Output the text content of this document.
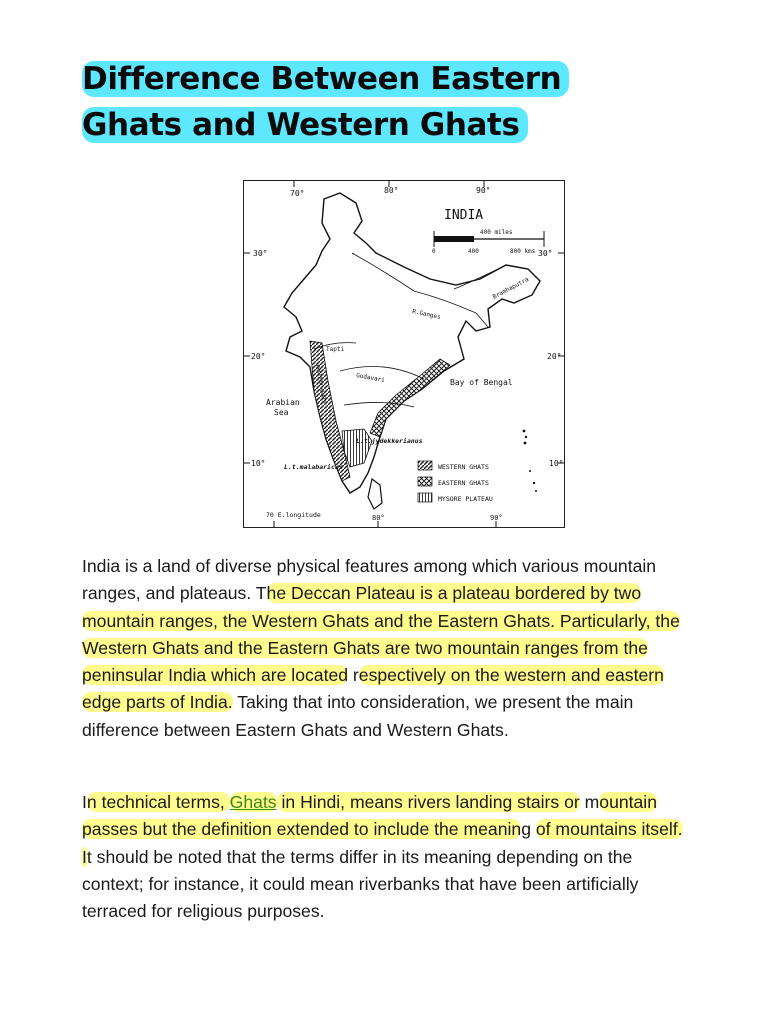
Difference Between Eastern
Ghats and Western Ghats
70°	80°	90°
30°
20°
10°
30°
20°
10°
INDIA
400 miles
0	400	800 kms
Bramhaputra
R.Ganges
Tapti
Godavari	Bay of Bengal
Arabian
Sea
L.t.jydekkerianus
L.t.malabaricus
WESTERN GHATS
WESTERN GHATS
EASTERN GHATS
MYSORE PLATEAU
70 E.longitude	80°	90°

India is a land of diverse physical features among which various mountain ranges, and plateaus. The Deccan Plateau is a plateau bordered by two mountain ranges, the Western Ghats and the Eastern Ghats. Particularly, the Western Ghats and the Eastern Ghats are two mountain ranges from the peninsular India which are located respectively on the western and eastern edge parts of India. Taking that into consideration, we present the main difference between Eastern Ghats and Western Ghats.

In technical terms, Ghats in Hindi, means rivers landing stairs or mountain passes but the definition extended to include the meaning of mountains itself. It should be noted that the terms differ in its meaning depending on the context; for instance, it could mean riverbanks that have been artificially terraced for religious purposes.
